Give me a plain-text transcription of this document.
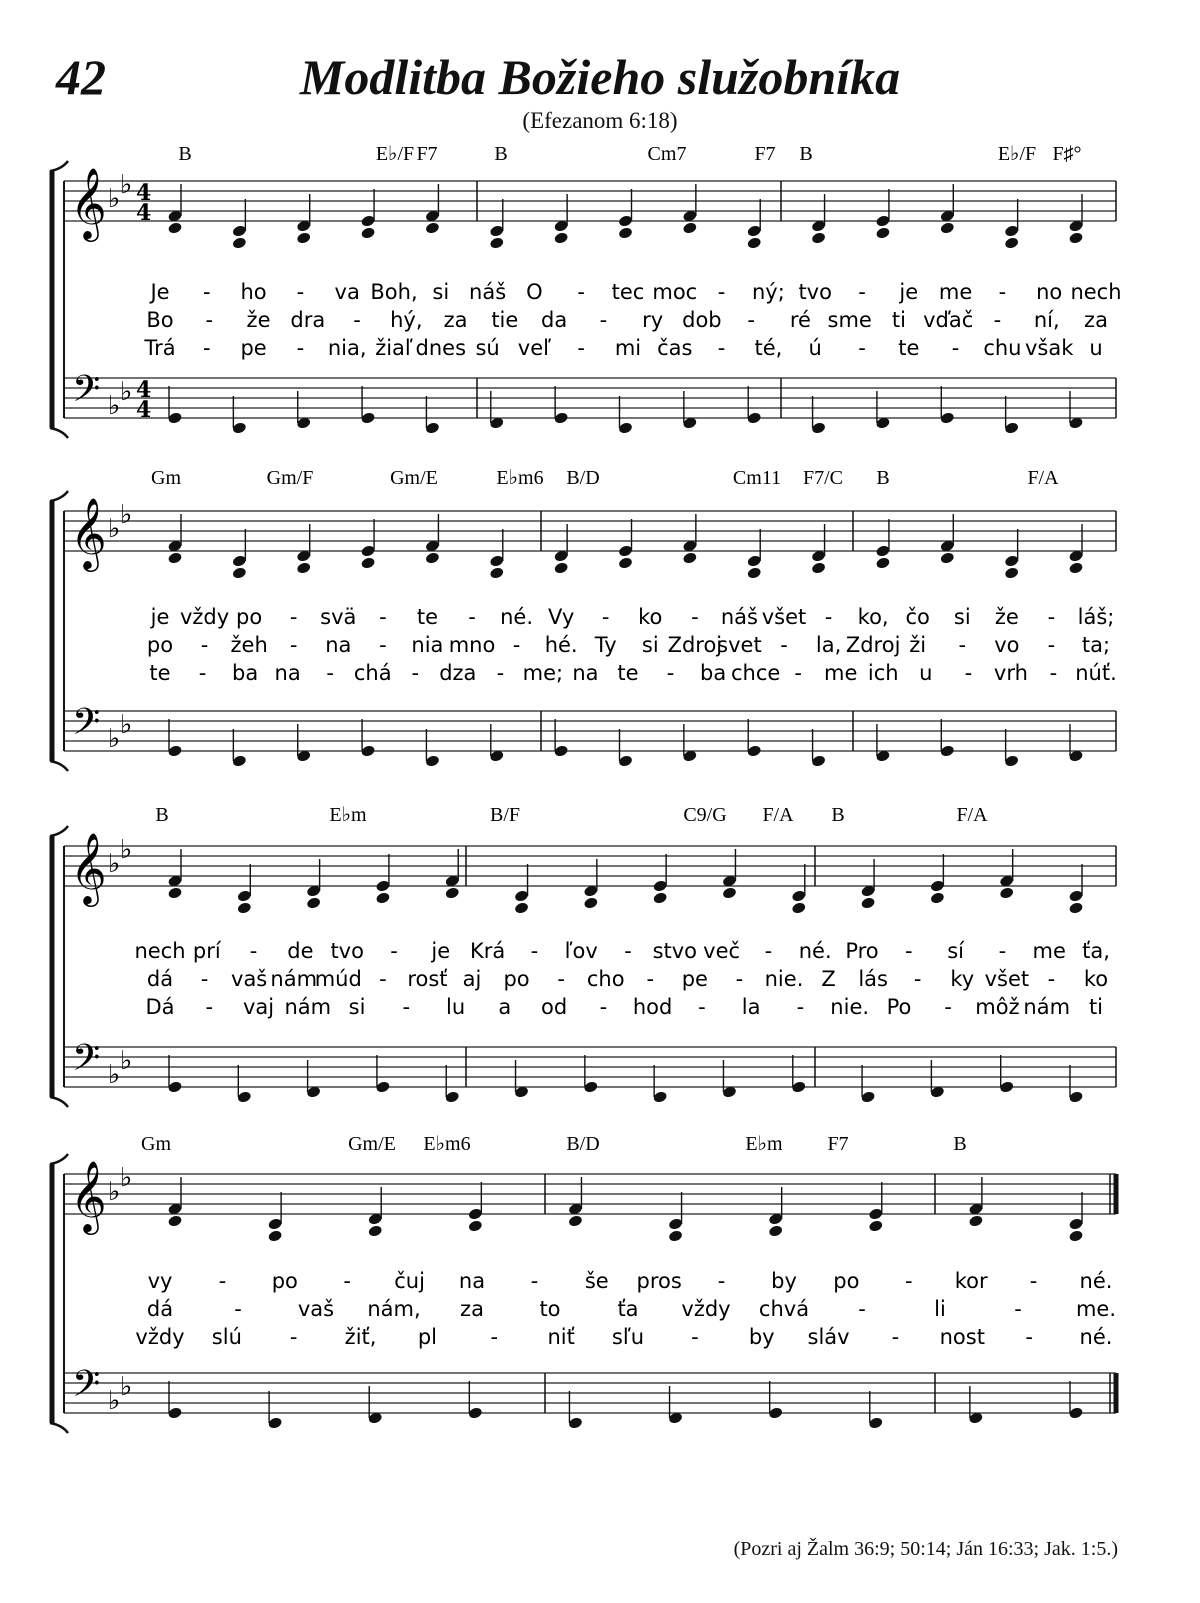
42	Modlitba Božieho služobníka
(Efezanom 6:18)
𝄞
𝄢
♭ ♭
♭ ♭
4
4
4
4
B	E♭/F F7	B	Cm7	F7 B	E♭/F F♯°
Je - ho - va Boh, si náš O - tec moc - ný; tvo - je me - no nech
Bo - že dra - hý, za tie da - ry dob - ré sme ti vďač - ní, za
Trá - pe - nia, žiaľ dnes sú veľ - mi čas - té, ú - te - chu však u
𝄞
𝄢
♭ ♭
♭ ♭
Gm	Gm/F	Gm/E	E♭m6 B/D	Cm11 F7/C B	F/A
je vždy po - svä - te - né. Vy - ko - náš všet - ko, čo si že - láš;
po - žeh - na - nia mno - hé. Ty si Zdroj
svet - la, Zdroj ži - vo - ta;
te - ba na - chá - dza - me; na te - ba chce - me ich u - vrh - núť.
𝄞
𝄢
♭ ♭
♭ ♭
B	E♭m	B/F	C9/G F/A B	F/A
nech prí - de tvo - je Krá - ľov - stvo več - né. Pro - sí - me ťa,
dá - vaš nám
múd - rosť aj po - cho - pe - nie. Z lás - ky všet - ko
Dá - vaj nám si - lu a od - hod - la - nie. Po - môž nám ti
𝄞
𝄢
♭ ♭
♭ ♭
Gm	Gm/E E♭m6	B/D	E♭m F7	B
vy - po - čuj na - še pros - by po - kor - né.
dá	-	vaš nám, za	to	ťa vždy chvá -	li	-	me.
vždy slú - žiť, pl	- niť sľu - by sláv - nost - né.
(Pozri aj Žalm 36:9; 50:14; Ján 16:33; Jak. 1:5.)
